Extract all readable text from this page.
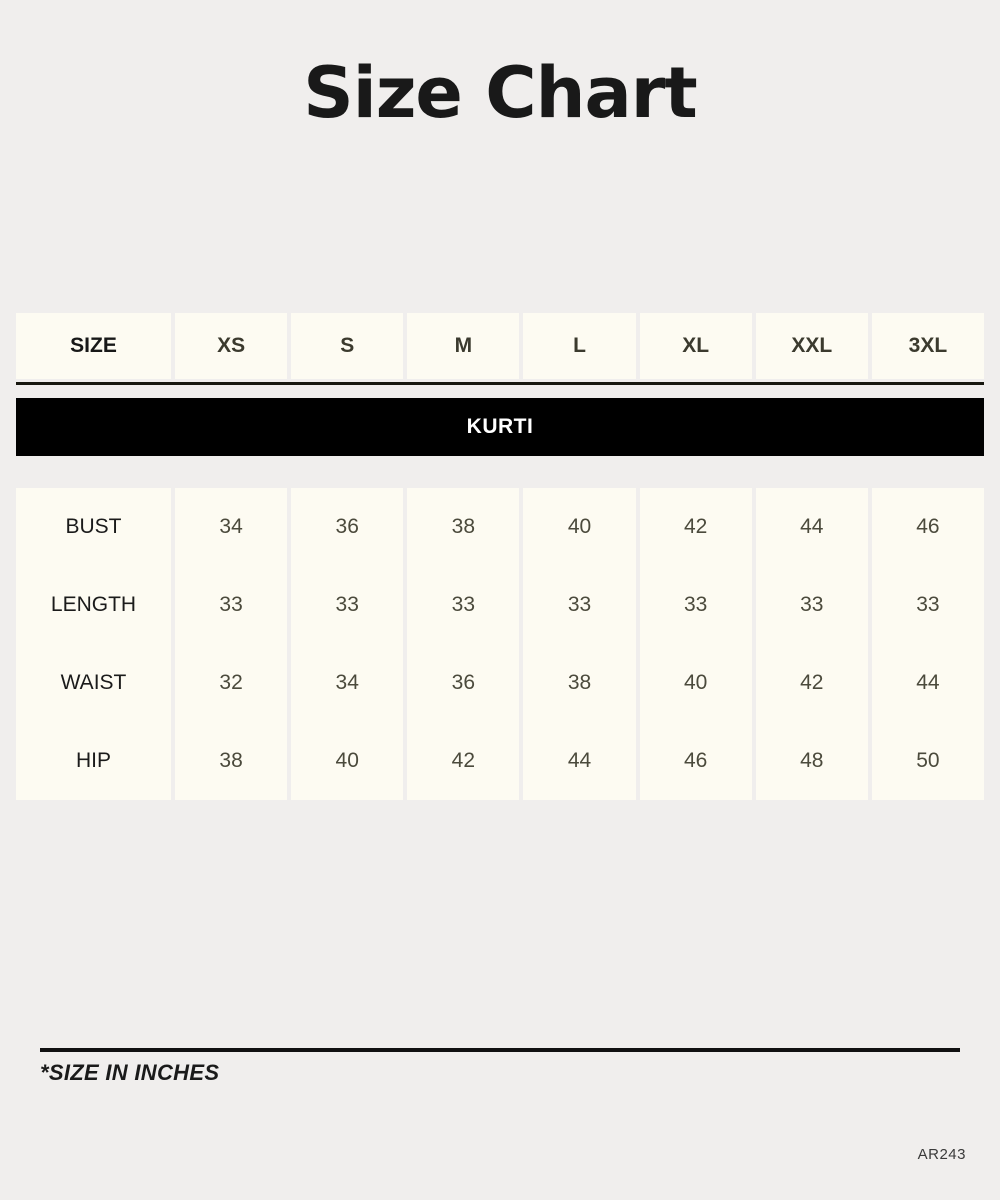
Size Chart
SIZE	XS	S	M	L	XL	XXL	3XL
KURTI
BUST	34	36	38	40	42	44	46
LENGTH	33	33	33	33	33	33	33
WAIST	32	34	36	38	40	42	44
HIP	38	40	42	44	46	48	50
*SIZE IN INCHES
AR243
